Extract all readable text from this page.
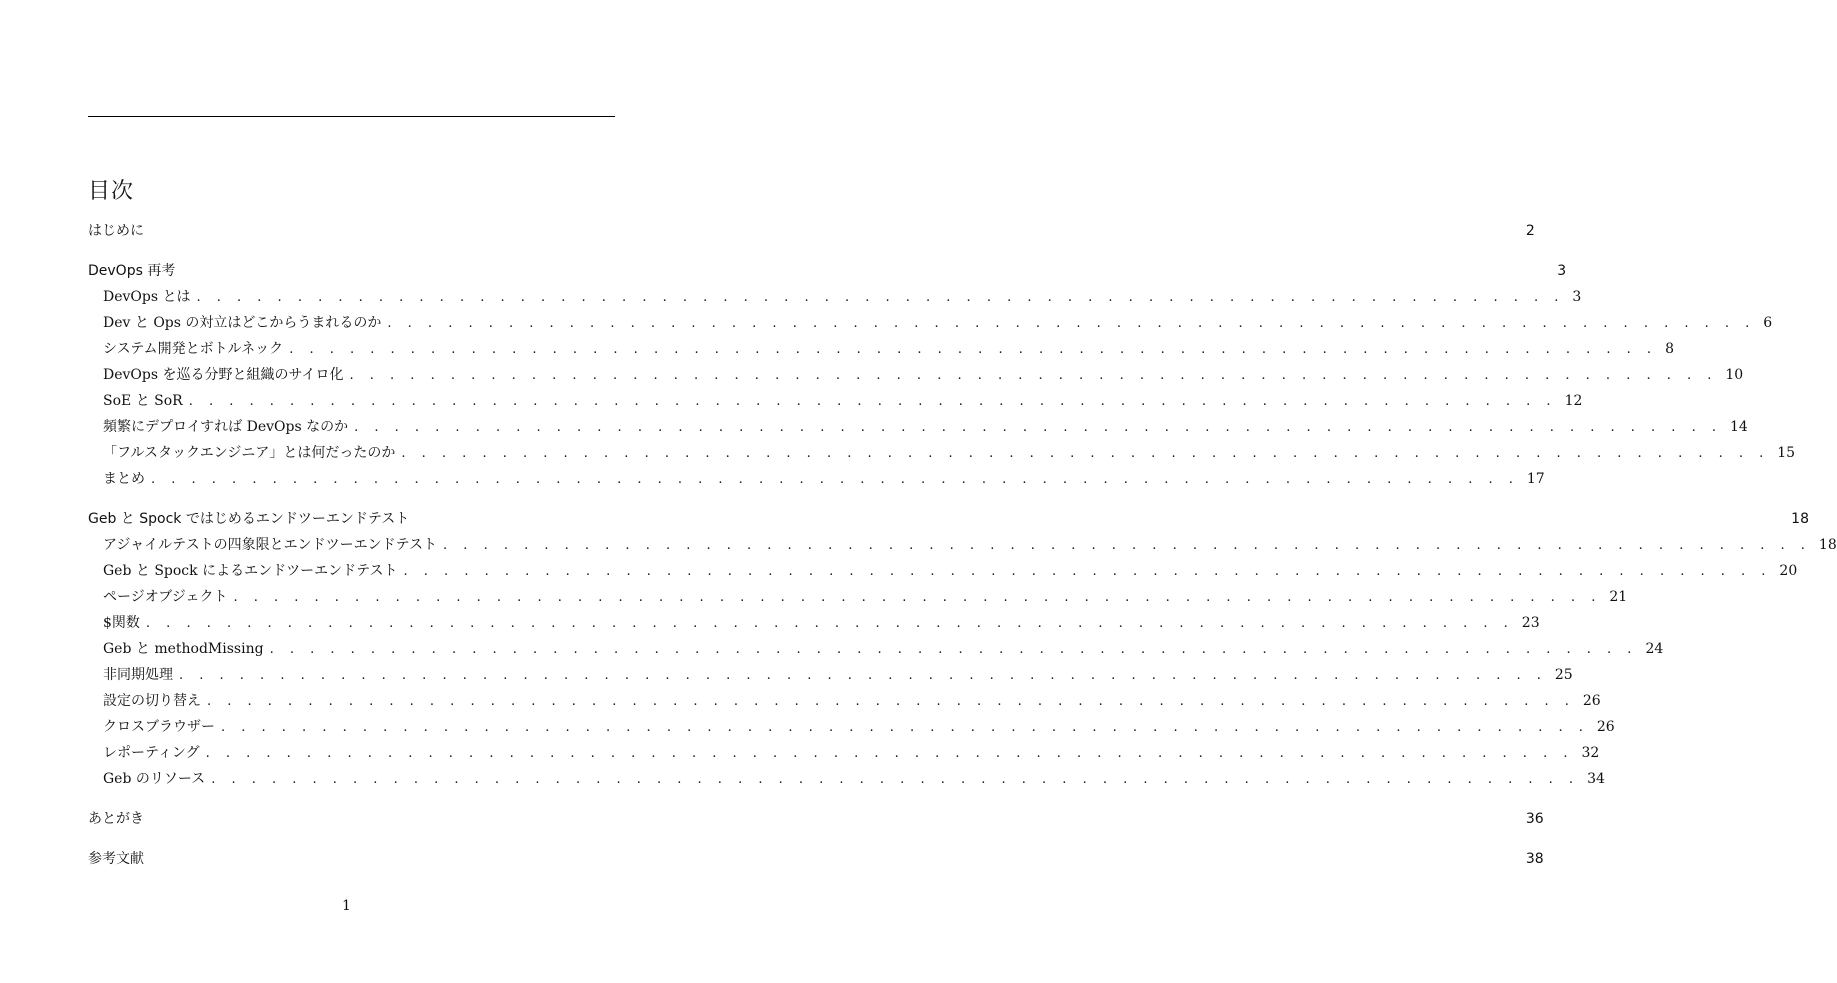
目次
はじめに	2
DevOps 再考	3
DevOps とは . . . . . . . . . . . . . . . . . . . . . . . . . . . . . . . . . . . . . . . . . . . . . . . . . . . . . . . . . . . . . . . . . . . . 3
Dev と Ops の対立はどこからうまれるのか . . . . . . . . . . . . . . . . . . . . . . . . . . . . . . . . . . . . . . . . . . . . . . . . . . . . . . . . . . . . . . . . . . . . 6
システム開発とボトルネック . . . . . . . . . . . . . . . . . . . . . . . . . . . . . . . . . . . . . . . . . . . . . . . . . . . . . . . . . . . . . . . . . . . . 8
DevOps を巡る分野と組織のサイロ化 . . . . . . . . . . . . . . . . . . . . . . . . . . . . . . . . . . . . . . . . . . . . . . . . . . . . . . . . . . . . . . . . . . . . 10
SoE と SoR . . . . . . . . . . . . . . . . . . . . . . . . . . . . . . . . . . . . . . . . . . . . . . . . . . . . . . . . . . . . . . . . . . . . 12
頻繁にデプロイすれば DevOps なのか . . . . . . . . . . . . . . . . . . . . . . . . . . . . . . . . . . . . . . . . . . . . . . . . . . . . . . . . . . . . . . . . . . . . 14
「フルスタックエンジニア」とは何だったのか . . . . . . . . . . . . . . . . . . . . . . . . . . . . . . . . . . . . . . . . . . . . . . . . . . . . . . . . . . . . . . . . . . . . 15
まとめ . . . . . . . . . . . . . . . . . . . . . . . . . . . . . . . . . . . . . . . . . . . . . . . . . . . . . . . . . . . . . . . . . . . . 17
Geb と Spock ではじめるエンドツーエンドテスト	18
アジャイルテストの四象限とエンドツーエンドテスト . . . . . . . . . . . . . . . . . . . . . . . . . . . . . . . . . . . . . . . . . . . . . . . . . . . . . . . . . . . . . . . . . . . . 18
Geb と Spock によるエンドツーエンドテスト . . . . . . . . . . . . . . . . . . . . . . . . . . . . . . . . . . . . . . . . . . . . . . . . . . . . . . . . . . . . . . . . . . . . 20
ページオブジェクト . . . . . . . . . . . . . . . . . . . . . . . . . . . . . . . . . . . . . . . . . . . . . . . . . . . . . . . . . . . . . . . . . . . . 21
$関数 . . . . . . . . . . . . . . . . . . . . . . . . . . . . . . . . . . . . . . . . . . . . . . . . . . . . . . . . . . . . . . . . . . . . 23
Geb と methodMissing . . . . . . . . . . . . . . . . . . . . . . . . . . . . . . . . . . . . . . . . . . . . . . . . . . . . . . . . . . . . . . . . . . . . 24
非同期処理 . . . . . . . . . . . . . . . . . . . . . . . . . . . . . . . . . . . . . . . . . . . . . . . . . . . . . . . . . . . . . . . . . . . . 25
設定の切り替え . . . . . . . . . . . . . . . . . . . . . . . . . . . . . . . . . . . . . . . . . . . . . . . . . . . . . . . . . . . . . . . . . . . . 26
クロスブラウザー . . . . . . . . . . . . . . . . . . . . . . . . . . . . . . . . . . . . . . . . . . . . . . . . . . . . . . . . . . . . . . . . . . . . 26
レポーティング . . . . . . . . . . . . . . . . . . . . . . . . . . . . . . . . . . . . . . . . . . . . . . . . . . . . . . . . . . . . . . . . . . . . 32
Geb のリソース . . . . . . . . . . . . . . . . . . . . . . . . . . . . . . . . . . . . . . . . . . . . . . . . . . . . . . . . . . . . . . . . . . . . 34
あとがき	36
参考文献	38
1
